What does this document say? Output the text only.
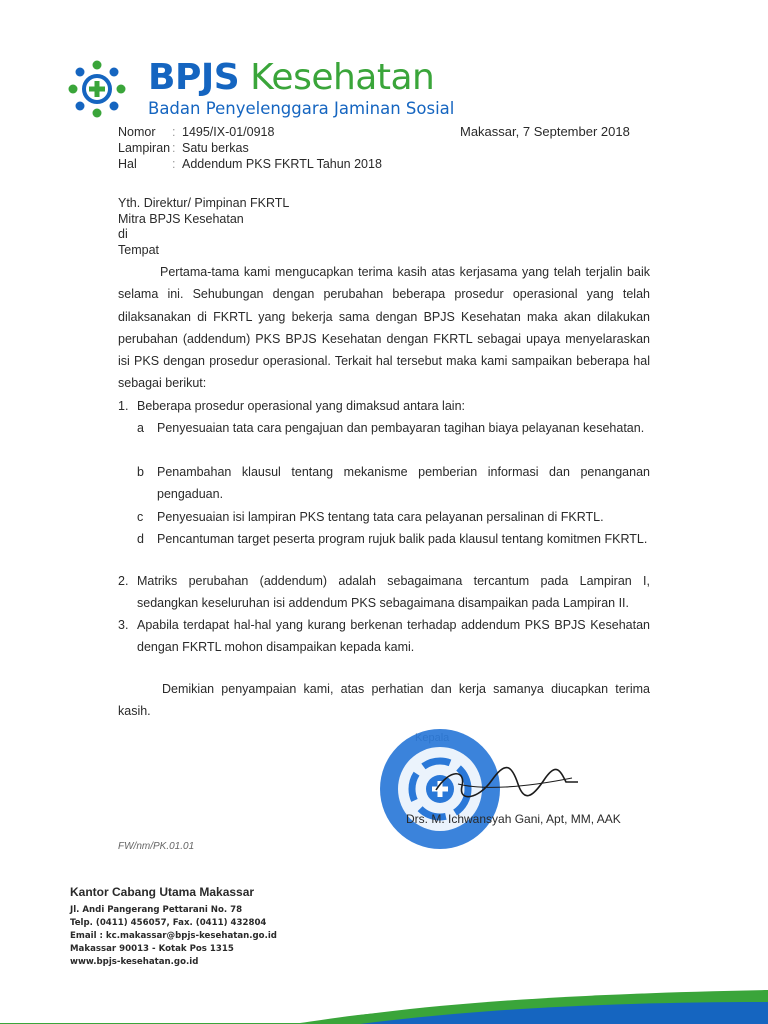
BPJS Kesehatan
Badan Penyelenggara Jaminan Sosial
Nomor	: 1495/IX-01/0918
Lampiran : Satu berkas
Hal	: Addendum PKS FKRTL Tahun 2018
Makassar, 7 September 2018
Yth. Direktur/ Pimpinan FKRTL
Mitra BPJS Kesehatan
di
Tempat
Pertama-tama kami mengucapkan terima kasih atas kerjasama yang telah terjalin baik selama ini. Sehubungan dengan perubahan beberapa prosedur operasional yang telah dilaksanakan di FKRTL yang bekerja sama dengan BPJS Kesehatan maka akan dilakukan perubahan (addendum) PKS BPJS Kesehatan dengan FKRTL sebagai upaya menyelaraskan isi PKS dengan prosedur operasional. Terkait hal tersebut maka kami sampaikan beberapa hal sebagai berikut:
1. Beberapa prosedur operasional yang dimaksud antara lain:
a Penyesuaian tata cara pengajuan dan pembayaran tagihan biaya pelayanan kesehatan.
b Penambahan klausul tentang mekanisme pemberian informasi dan penanganan pengaduan.
c Penyesuaian isi lampiran PKS tentang tata cara pelayanan persalinan di FKRTL.
d Pencantuman target peserta program rujuk balik pada klausul tentang komitmen FKRTL.
2. Matriks perubahan (addendum) adalah sebagaimana tercantum pada Lampiran I, sedangkan keseluruhan isi addendum PKS sebagaimana disampaikan pada Lampiran II.
3. Apabila terdapat hal-hal yang kurang berkenan terhadap addendum PKS BPJS Kesehatan dengan FKRTL mohon disampaikan kepada kami.
Demikian penyampaian kami, atas perhatian dan kerja samanya diucapkan terima kasih.
Drs. M. Ichwansyah Gani, Apt, MM, AAK
FW/nm/PK.01.01
Kantor Cabang Utama Makassar
Jl. Andi Pangerang Pettarani No. 78
Telp. (0411) 456057, Fax. (0411) 432804
Email : kc.makassar@bpjs-kesehatan.go.id
Makassar 90013 - Kotak Pos 1315
www.bpjs-kesehatan.go.id
